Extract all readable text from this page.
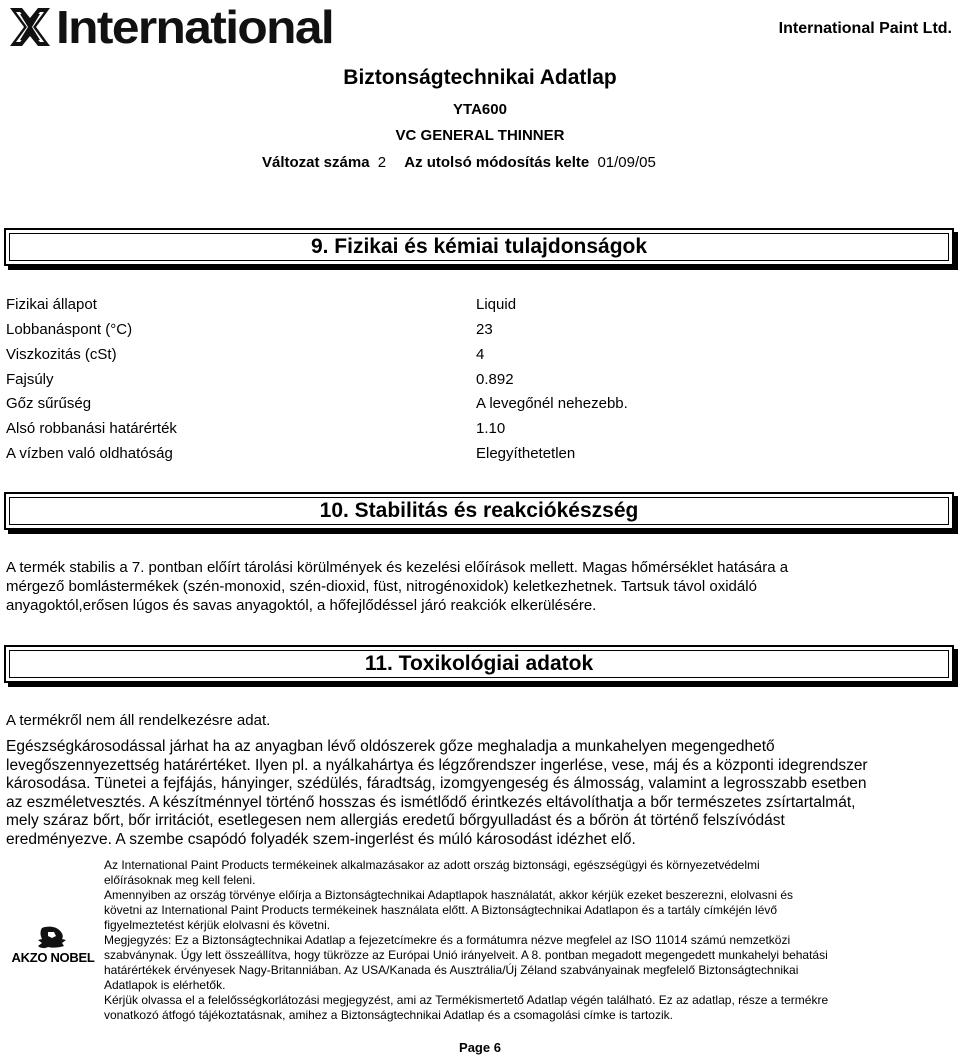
International	International Paint Ltd.
Biztonságtechnikai Adatlap
YTA600
VC GENERAL THINNER
Változat száma 2 Az utolsó módosítás kelte 01/09/05
9. Fizikai és kémiai tulajdonságok
Fizikai állapot	Liquid
Lobbanáspont (°C)	23
Viszkozitás (cSt)	4
Fajsúly	0.892
Gőz sűrűség	A levegőnél nehezebb.
Alsó robbanási határérték	1.10
A vízben való oldhatóság	Elegyíthetetlen
10. Stabilitás és reakciókészség
A termék stabilis a 7. pontban előírt tárolási körülmények és kezelési előírások mellett. Magas hőmérséklet hatására a
mérgező bomlástermékek (szén-monoxid, szén-dioxid, füst, nitrogénoxidok) keletkezhetnek. Tartsuk távol oxidáló
anyagoktól,erősen lúgos és savas anyagoktól, a hőfejlődéssel járó reakciók elkerülésére.
11. Toxikológiai adatok
A termékről nem áll rendelkezésre adat.
Egészségkárosodással járhat ha az anyagban lévő oldószerek gőze meghaladja a munkahelyen megengedhető
levegőszennyezettség határértéket. Ilyen pl. a nyálkahártya és légzőrendszer ingerlése, vese, máj és a központi idegrendszer
károsodása. Tünetei a fejfájás, hányinger, szédülés, fáradtság, izomgyengeség és álmosság, valamint a legrosszabb esetben
az eszméletvesztés. A készítménnyel történő hosszas és ismétlődő érintkezés eltávolíthatja a bőr természetes zsírtartalmát,
mely száraz bőrt, bőr irritációt, esetlegesen nem allergiás eredetű bőrgyulladást és a bőrön át történő felszívódást
eredményezve. A szembe csapódó folyadék szem-ingerlést és múló károsodást idézhet elő.
AKZO NOBEL
Az International Paint Products termékeinek alkalmazásakor az adott ország biztonsági, egészségügyi és környezetvédelmi
előírásoknak meg kell feleni.
Amennyiben az ország törvénye előírja a Biztonságtechnikai Adaptlapok használatát, akkor kérjük ezeket beszerezni, elolvasni és
követni az International Paint Products termékeinek használata előtt. A Biztonságtechnikai Adatlapon és a tartály címkéjén lévő
figyelmeztetést kérjük elolvasni és követni.
Megjegyzés: Ez a Biztonságtechnikai Adatlap a fejezetcímekre és a formátumra nézve megfelel az ISO 11014 számú nemzetközi
szabványnak. Úgy lett összeállítva, hogy tükrözze az Európai Unió irányelveit. A 8. pontban megadott megengedett munkahelyi behatási
határértékek érvényesek Nagy-Britanniában. Az USA/Kanada és Ausztrália/Új Zéland szabványainak megfelelő Biztonságtechnikai
Adatlapok is elérhetők.
Kérjük olvassa el a felelősségkorlátozási megjegyzést, ami az Termékismertető Adatlap végén található. Ez az adatlap, része a termékre
vonatkozó átfogó tájékoztatásnak, amihez a Biztonságtechnikai Adatlap és a csomagolási címke is tartozik.
Page 6
